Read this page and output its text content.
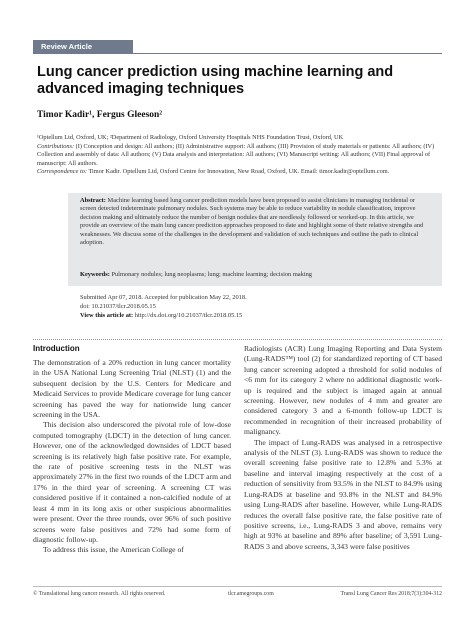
Review Article
Lung cancer prediction using machine learning and advanced imaging techniques
Timor Kadir¹, Fergus Gleeson²

¹Optellum Ltd, Oxford, UK; ²Department of Radiology, Oxford University Hospitals NHS Foundation Trust, Oxford, UK

Contributions: (I) Conception and design: All authors; (II) Administrative support: All authors; (III) Provision of study materials or patients: All authors; (IV) Collection and assembly of data: All authors; (V) Data analysis and interpretation: All authors; (VI) Manuscript writing: All authors; (VII) Final approval of manuscript: All authors.

Correspondence to: Timor Kadir. Optellum Ltd, Oxford Centre for Innovation, New Road, Oxford, UK. Email: timor.kadir@optellum.com.

Abstract: Machine learning based lung cancer prediction models have been proposed to assist clinicians in managing incidental or screen detected indeterminate pulmonary nodules. Such systems may be able to reduce variability in nodule classification, improve decision making and ultimately reduce the number of benign nodules that are needlessly followed or worked-up. In this article, we provide an overview of the main lung cancer prediction approaches proposed to date and highlight some of their relative strengths and weaknesses. We discuss some of the challenges in the development and validation of such techniques and outline the path to clinical adoption.
Keywords: Pulmonary nodules; lung neoplasms; lung; machine learning; decision making

Submitted Apr 07, 2018. Accepted for publication May 22, 2018.

doi: 10.21037/tlcr.2018.05.15

View this article at: http://dx.doi.org/10.21037/tlcr.2018.05.15

Introduction

The demonstration of a 20% reduction in lung cancer mortality in the USA National Lung Screening Trial (NLST) (1) and the subsequent decision by the U.S. Centers for Medicare and Medicaid Services to provide Medicare coverage for lung cancer screening has paved the way for nationwide lung cancer screening in the USA.

This decision also underscored the pivotal role of low-dose computed tomography (LDCT) in the detection of lung cancer. However, one of the acknowledged downsides of LDCT based screening is its relatively high false positive rate. For example, the rate of positive screening tests in the NLST was approximately 27% in the first two rounds of the LDCT arm and 17% in the third year of screening. A screening CT was considered positive if it contained a non-calcified nodule of at least 4 mm in its long axis or other suspicious abnormalities were present. Over the three rounds, over 96% of such positive screens were false positives and 72% had some form of diagnostic follow-up.

To address this issue, the American College of

Radiologists (ACR) Lung Imaging Reporting and Data System (Lung-RADS™) tool (2) for standardized reporting of CT based lung cancer screening adopted a threshold for solid nodules of <6 mm for its category 2 where no additional diagnostic work-up is required and the subject is imaged again at annual screening. However, new nodules of 4 mm and greater are considered category 3 and a 6-month follow-up LDCT is recommended in recognition of their increased probability of malignancy.

The impact of Lung-RADS was analysed in a retrospective analysis of the NLST (3). Lung-RADS was shown to reduce the overall screening false positive rate to 12.8% and 5.3% at baseline and interval imaging respectively at the cost of a reduction of sensitivity from 93.5% in the NLST to 84.9% using Lung-RADS at baseline and 93.8% in the NLST and 84.9% using Lung-RADS after baseline. However, while Lung-RADS reduces the overall false positive rate, the false positive rate of positive screens, i.e., Lung-RADS 3 and above, remains very high at 93% at baseline and 89% after baseline; of 3,591 Lung-RADS 3 and above screens, 3,343 were false positives

© Translational lung cancer research. All rights reserved.	tlcr.amegroups.com	Transl Lung Cancer Res 2018;7(3):304-312
